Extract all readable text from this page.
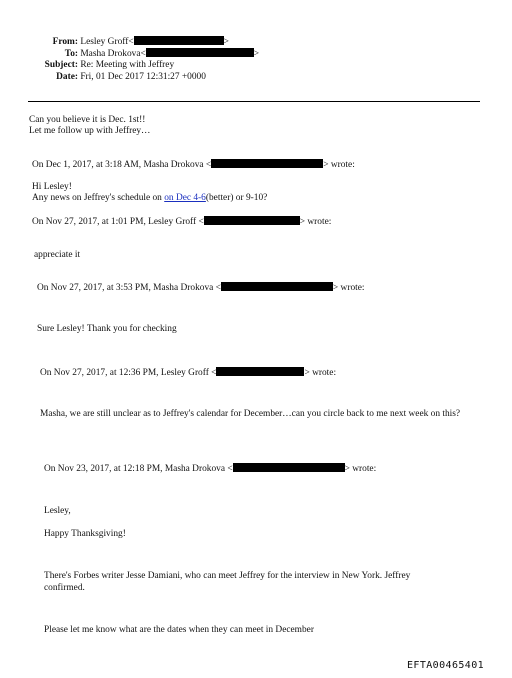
From: Lesley Groff<	>
To: Masha Drokova<	>
Subject: Re: Meeting with Jeffrey
Date: Fri, 01 Dec 2017 12:31:27 +0000
Can you believe it is Dec. 1st!!
Let me follow up with Jeffrey…
On Dec 1, 2017, at 3:18 AM, Masha Drokova <	> wrote:
Hi Lesley!
Any news on Jeffrey's schedule on on Dec 4-6(better) or 9-10?
On Nov 27, 2017, at 1:01 PM, Lesley Groff <	> wrote:
appreciate it
On Nov 27, 2017, at 3:53 PM, Masha Drokova <	> wrote:
Sure Lesley! Thank you for checking
On Nov 27, 2017, at 12:36 PM, Lesley Groff <	> wrote:
Masha, we are still unclear as to Jeffrey's calendar for December…can you circle back to me next week on this?
On Nov 23, 2017, at 12:18 PM, Masha Drokova <	> wrote:
Lesley,
Happy Thanksgiving!
There's Forbes writer Jesse Damiani, who can meet Jeffrey for the interview in New York. Jeffrey confirmed.
Please let me know what are the dates when they can meet in December
EFTA00465401
